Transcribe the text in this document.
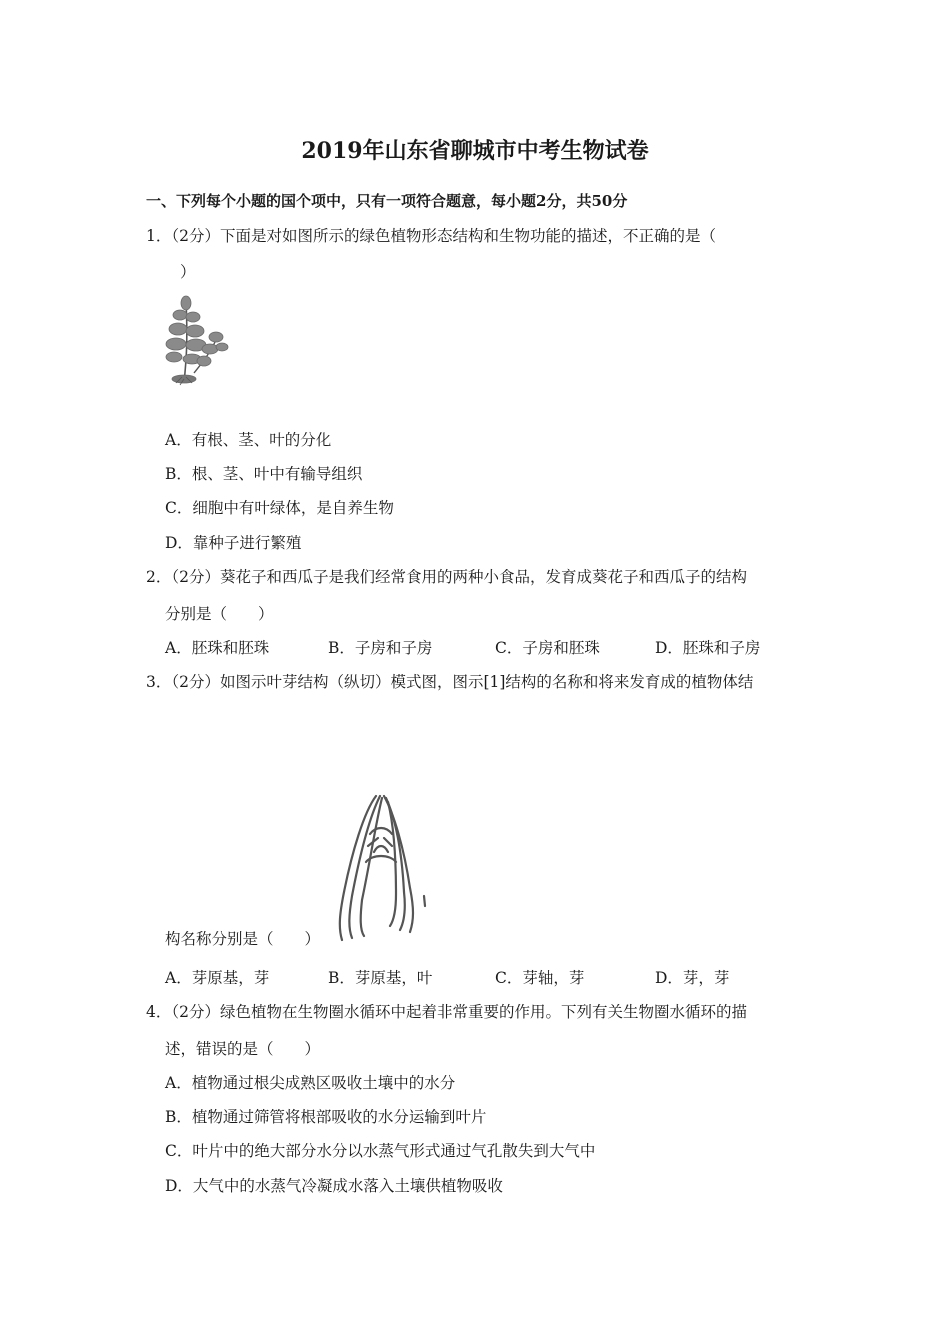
2019年山东省聊城市中考生物试卷
一、下列每个小题的国个项中，只有一项符合题意，每小题2分，共50分
1．（2分）下面是对如图所示的绿色植物形态结构和生物功能的描述，不正确的是（
）
A．有根、茎、叶的分化
B．根、茎、叶中有输导组织
C．细胞中有叶绿体，是自养生物
D．靠种子进行繁殖
2．（2分）葵花子和西瓜子是我们经常食用的两种小食品，发育成葵花子和西瓜子的结构
分别是（　　）
A．胚珠和胚珠	B．子房和子房	C．子房和胚珠	D．胚珠和子房
3．（2分）如图示叶芽结构（纵切）模式图，图示[1]结构的名称和将来发育成的植物体结
构名称分别是（　　）
A．芽原基，芽	B．芽原基，叶	C．芽轴，芽	D．芽，芽
4．（2分）绿色植物在生物圈水循环中起着非常重要的作用。下列有关生物圈水循环的描
述，错误的是（　　）
A．植物通过根尖成熟区吸收土壤中的水分
B．植物通过筛管将根部吸收的水分运输到叶片
C．叶片中的绝大部分水分以水蒸气形式通过气孔散失到大气中
D．大气中的水蒸气冷凝成水落入土壤供植物吸收
